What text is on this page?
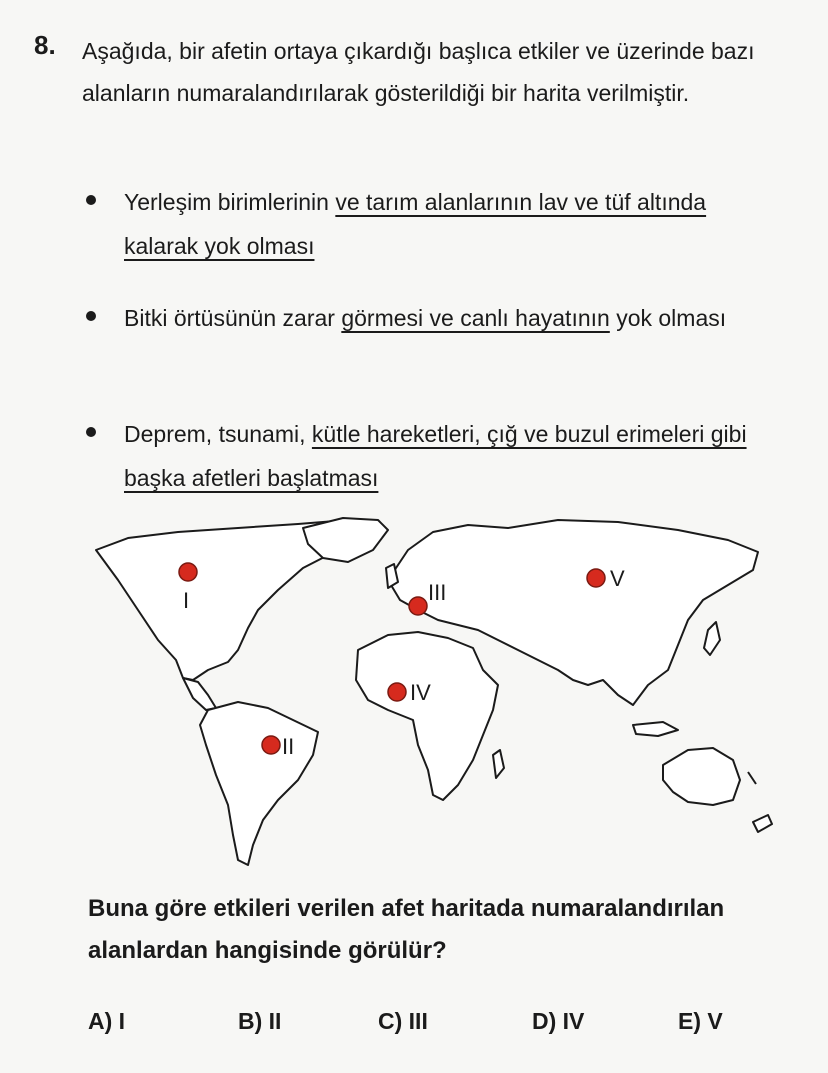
8. Aşağıda, bir afetin ortaya çıkardığı başlıca etkiler ve üzerinde bazı alanların numaralandırılarak gösterildiği bir harita verilmiştir.
Yerleşim birimlerinin ve tarım alanlarının lav ve tüf altında kalarak yok olması
Bitki örtüsünün zarar görmesi ve canlı hayatının yok olması
Deprem, tsunami, kütle hareketleri, çığ ve buzul erimeleri gibi başka afetleri başlatması
I
II
III
IV
V
Buna göre etkileri verilen afet haritada numaralandırılan alanlardan hangisinde görülür?
A) I	B) II	C) III	D) IV	E) V
